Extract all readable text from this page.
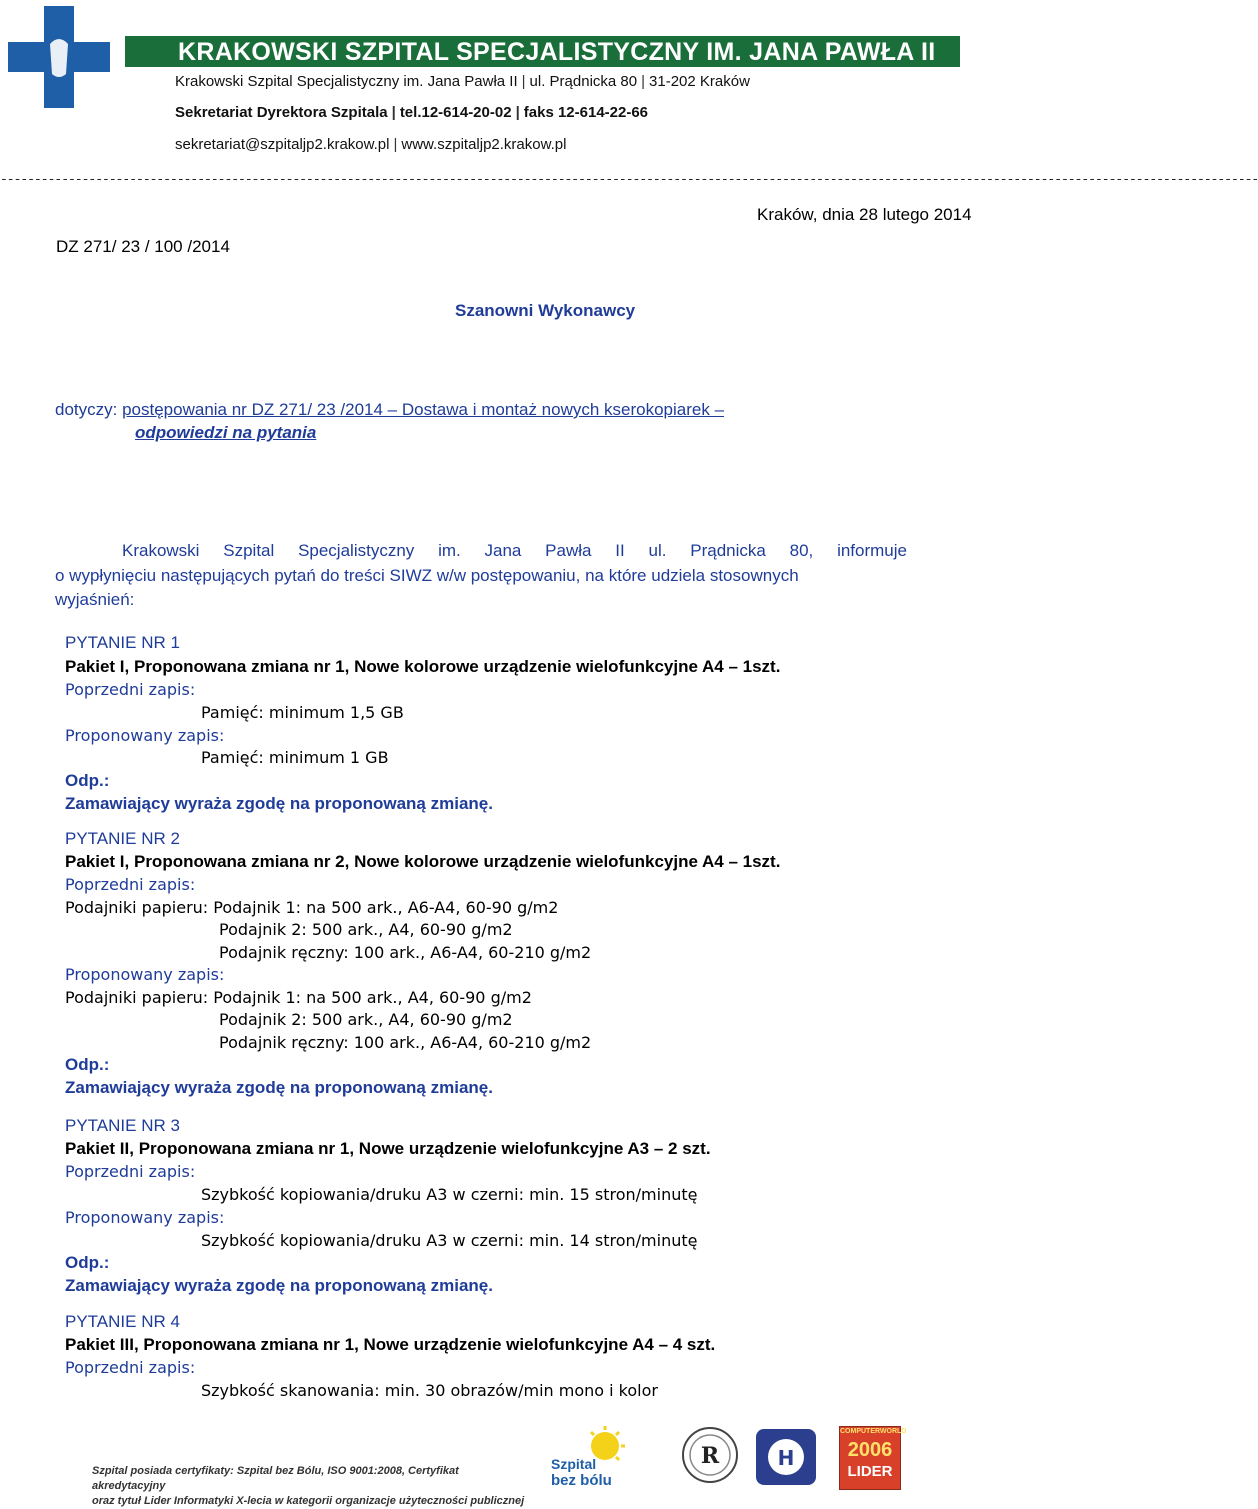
KRAKOWSKI SZPITAL SPECJALISTYCZNY IM. JANA PAWŁA II
Krakowski Szpital Specjalistyczny im. Jana Pawła II | ul. Prądnicka 80 | 31-202 Kraków
Sekretariat Dyrektora Szpitala | tel.12-614-20-02 | faks 12-614-22-66
sekretariat@szpitaljp2.krakow.pl | www.szpitaljp2.krakow.pl
-----------------------------------------------------------------------------------------------------------------------------------------------------------------------------------------
Kraków, dnia 28 lutego 2014
DZ 271/ 23 / 100 /2014
Szanowni Wykonawcy
dotyczy: postępowania nr DZ 271/ 23 /2014 – Dostawa i montaż nowych kserokopiarek –
odpowiedzi na pytania
Krakowski Szpital Specjalistyczny im. Jana Pawła II ul. Prądnicka 80, informuje
o wypłynięciu następujących pytań do treści SIWZ w/w postępowaniu, na które udziela stosownych
wyjaśnień:
PYTANIE NR 1
Pakiet I, Proponowana zmiana nr 1, Nowe kolorowe urządzenie wielofunkcyjne A4 – 1szt.
Poprzedni zapis:
Pamięć: minimum 1,5 GB
Proponowany zapis:
Pamięć: minimum 1 GB
Odp.:
Zamawiający wyraża zgodę na proponowaną zmianę.
PYTANIE NR 2
Pakiet I, Proponowana zmiana nr 2, Nowe kolorowe urządzenie wielofunkcyjne A4 – 1szt.
Poprzedni zapis:
Podajniki papieru: Podajnik 1: na 500 ark., A6-A4, 60-90 g/m2
Podajnik 2: 500 ark., A4, 60-90 g/m2
Podajnik ręczny: 100 ark., A6-A4, 60-210 g/m2
Proponowany zapis:
Podajniki papieru: Podajnik 1: na 500 ark., A4, 60-90 g/m2
Podajnik 2: 500 ark., A4, 60-90 g/m2
Podajnik ręczny: 100 ark., A6-A4, 60-210 g/m2
Odp.:
Zamawiający wyraża zgodę na proponowaną zmianę.
PYTANIE NR 3
Pakiet II, Proponowana zmiana nr 1, Nowe urządzenie wielofunkcyjne A3 – 2 szt.
Poprzedni zapis:
Szybkość kopiowania/druku A3 w czerni: min. 15 stron/minutę
Proponowany zapis:
Szybkość kopiowania/druku A3 w czerni: min. 14 stron/minutę
Odp.:
Zamawiający wyraża zgodę na proponowaną zmianę.
PYTANIE NR 4
Pakiet III, Proponowana zmiana nr 1, Nowe urządzenie wielofunkcyjne A4 – 4 szt.
Poprzedni zapis:
Szybkość skanowania: min. 30 obrazów/min mono i kolor
Szpital posiada certyfikaty: Szpital bez Bólu, ISO 9001:2008, Certyfikat akredytacyjny
oraz tytuł Lider Informatyki X-lecia w kategorii organizacje użyteczności publicznej
Szpital
bez bólu
R	H
COMPUTERWORLD
2006
LIDER
